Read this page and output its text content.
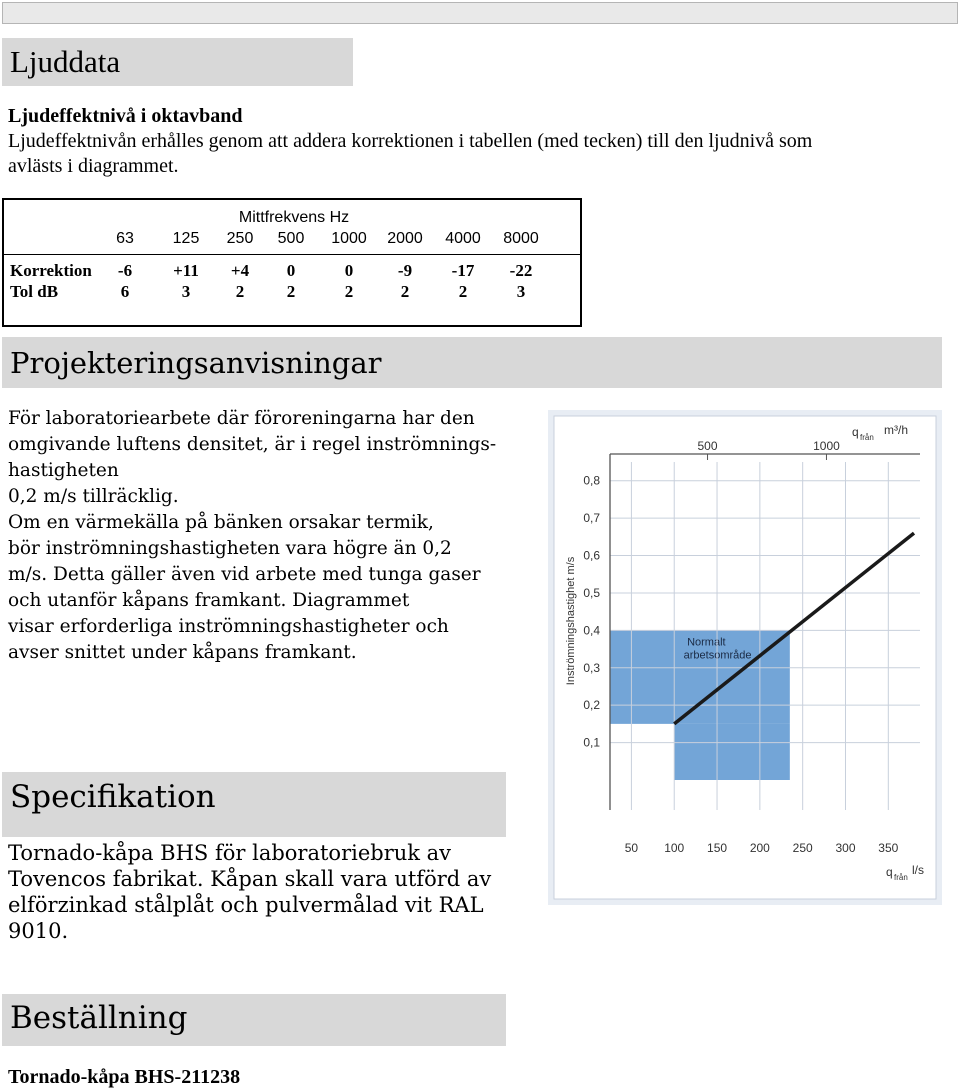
Ljuddata
Ljudeffektnivå i oktavband
Ljudeffektnivån erhålles genom att addera korrektionen i tabellen (med tecken) till den ljudnivå som
avlästs i diagrammet.
Mittfrekvens Hz
63	125	250	500	1000	2000	4000	8000
Korrektion	-6	+11	+4	0	0	-9	-17	-22
Tol dB	6	3	2	2	2	2	2	3
Projekteringsanvisningar
För laboratoriearbete där föroreningarna har den
omgivande luftens densitet, är i regel inströmnings-
hastigheten
0,2 m/s tillräcklig.
Om en värmekälla på bänken orsakar termik,
bör inströmningshastigheten vara högre än 0,2
m/s. Detta gäller även vid arbete med tunga gaser
och utanför kåpans framkant. Diagrammet
visar erforderliga inströmningshastigheter och
avser snittet under kåpans framkant.	Normalt
arbetsområde
0,1
0,2
0,3
0,4
0,5
0,6
0,7
0,8
50 100 150 200 250 300 350
500	1000
Inströmningshastighet m/s
q från
l/s
q från
m³/h
Specifikation
Tornado-kåpa BHS för laboratoriebruk av
Tovencos fabrikat. Kåpan skall vara utförd av
elförzinkad stålplåt och pulvermålad vit RAL
9010.
Beställning
Tornado-kåpa BHS-211238
